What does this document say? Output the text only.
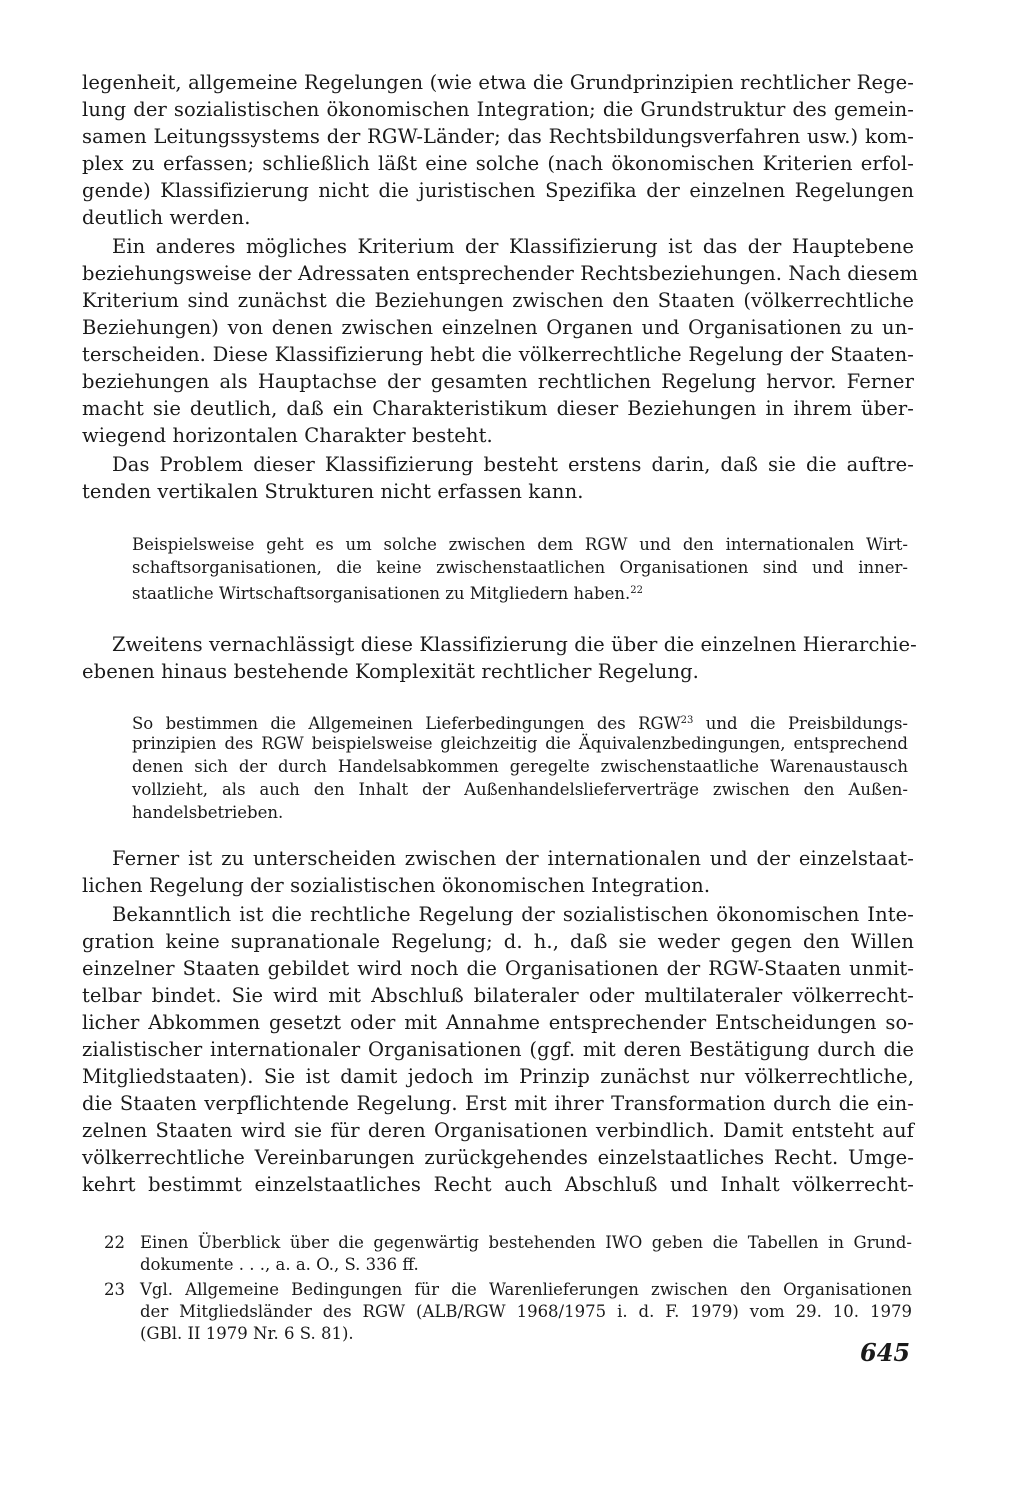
legenheit, allgemeine Regelungen (wie etwa die Grundprinzipien rechtlicher Rege-

lung der sozialistischen ökonomischen Integration; die Grundstruktur des gemein-

samen Leitungssystems der RGW-Länder; das Rechtsbildungsverfahren usw.) kom-

plex zu erfassen; schließlich läßt eine solche (nach ökonomischen Kriterien erfol-

gende) Klassifizierung nicht die juristischen Spezifika der einzelnen Regelungen

deutlich werden.

Ein anderes mögliches Kriterium der Klassifizierung ist das der Hauptebene

beziehungsweise der Adressaten entsprechender Rechtsbeziehungen. Nach diesem

Kriterium sind zunächst die Beziehungen zwischen den Staaten (völkerrechtliche

Beziehungen) von denen zwischen einzelnen Organen und Organisationen zu un-

terscheiden. Diese Klassifizierung hebt die völkerrechtliche Regelung der Staaten-

beziehungen als Hauptachse der gesamten rechtlichen Regelung hervor. Ferner

macht sie deutlich, daß ein Charakteristikum dieser Beziehungen in ihrem über-

wiegend horizontalen Charakter besteht.

Das Problem dieser Klassifizierung besteht erstens darin, daß sie die auftre-

tenden vertikalen Strukturen nicht erfassen kann.

Beispielsweise geht es um solche zwischen dem RGW und den internationalen Wirt-

schaftsorganisationen, die keine zwischenstaatlichen Organisationen sind und inner-

staatliche Wirtschaftsorganisationen zu Mitgliedern haben.$^{22}$

Zweitens vernachlässigt diese Klassifizierung die über die einzelnen Hierarchie-

ebenen hinaus bestehende Komplexität rechtlicher Regelung.

So bestimmen die Allgemeinen Lieferbedingungen des RGW$^{23}$ und die Preisbildungs-

prinzipien des RGW beispielsweise gleichzeitig die Äquivalenzbedingungen, entsprechend

denen sich der durch Handelsabkommen geregelte zwischenstaatliche Warenaustausch

vollzieht, als auch den Inhalt der Außenhandelslieferverträge zwischen den Außen-

handelsbetrieben.

Ferner ist zu unterscheiden zwischen der internationalen und der einzelstaat-

lichen Regelung der sozialistischen ökonomischen Integration.

Bekanntlich ist die rechtliche Regelung der sozialistischen ökonomischen Inte-

gration keine supranationale Regelung; d. h., daß sie weder gegen den Willen

einzelner Staaten gebildet wird noch die Organisationen der RGW-Staaten unmit-

telbar bindet. Sie wird mit Abschluß bilateraler oder multilateraler völkerrecht-

licher Abkommen gesetzt oder mit Annahme entsprechender Entscheidungen so-

zialistischer internationaler Organisationen (ggf. mit deren Bestätigung durch die

Mitgliedstaaten). Sie ist damit jedoch im Prinzip zunächst nur völkerrechtliche,

die Staaten verpflichtende Regelung. Erst mit ihrer Transformation durch die ein-

zelnen Staaten wird sie für deren Organisationen verbindlich. Damit entsteht auf

völkerrechtliche Vereinbarungen zurückgehendes einzelstaatliches Recht. Umge-

kehrt bestimmt einzelstaatliches Recht auch Abschluß und Inhalt völkerrecht-

22 Einen Überblick über die gegenwärtig bestehenden IWO geben die Tabellen in Grund-

dokumente . . ., a. a. O., S. 336 ff.

23 Vgl. Allgemeine Bedingungen für die Warenlieferungen zwischen den Organisationen

der Mitgliedsländer des RGW (ALB/RGW 1968/1975 i. d. F. 1979) vom 29. 10. 1979

(GBl. II 1979 Nr. 6 S. 81).

645
